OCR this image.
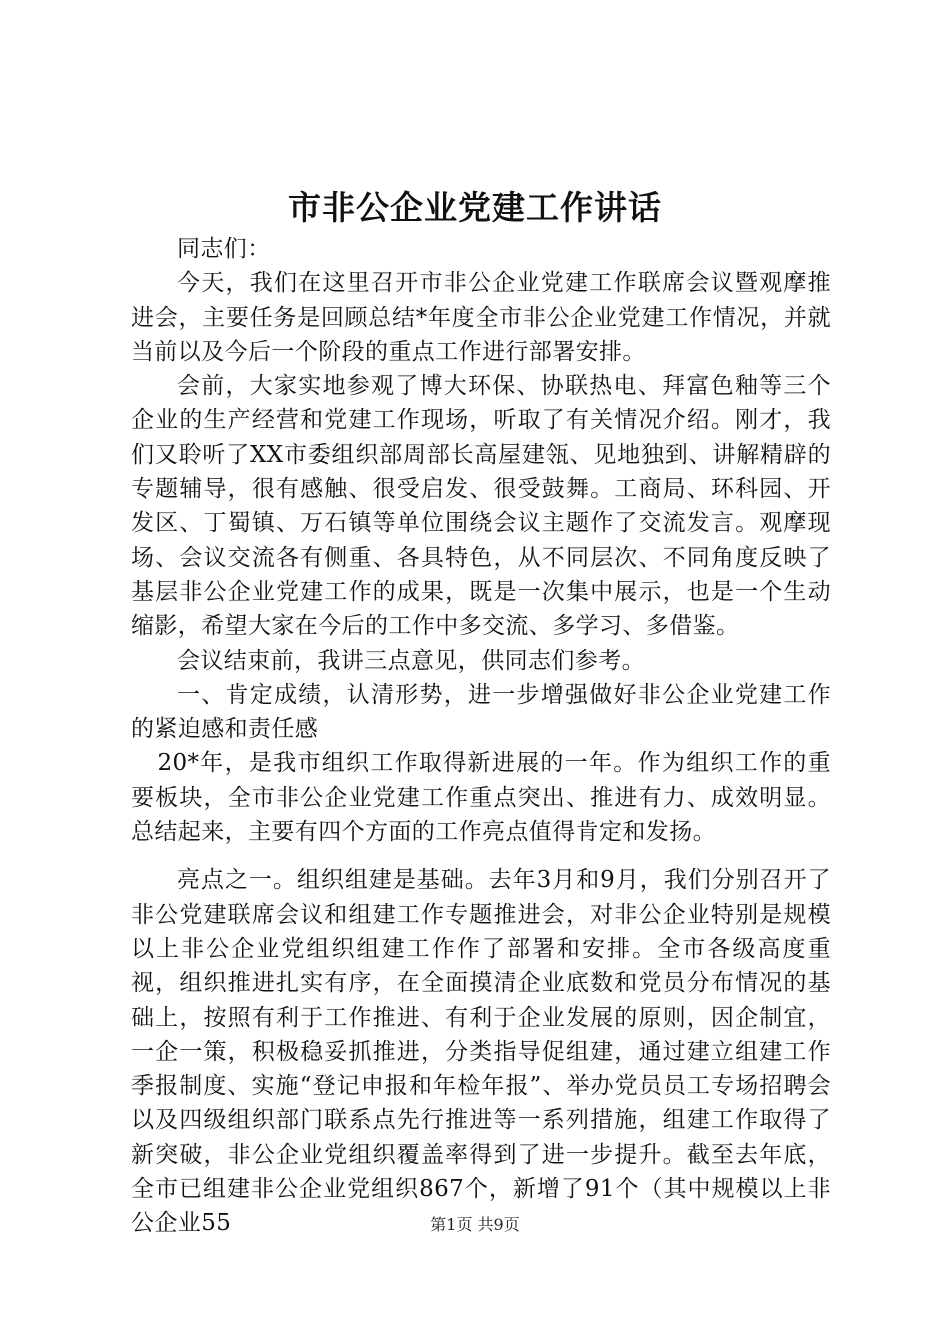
市非公企业党建工作讲话

同志们：

今天，我们在这里召开市非公企业党建工作联席会议暨观摩推进会，主要任务是回顾总结*年度全市非公企业党建工作情况，并就当前以及今后一个阶段的重点工作进行部署安排。

会前，大家实地参观了博大环保、协联热电、拜富色釉等三个企业的生产经营和党建工作现场，听取了有关情况介绍。刚才，我们又聆听了XX市委组织部周部长高屋建瓴、见地独到、讲解精辟的专题辅导，很有感触、很受启发、很受鼓舞。工商局、环科园、开发区、丁蜀镇、万石镇等单位围绕会议主题作了交流发言。观摩现场、会议交流各有侧重、各具特色，从不同层次、不同角度反映了基层非公企业党建工作的成果，既是一次集中展示，也是一个生动缩影，希望大家在今后的工作中多交流、多学习、多借鉴。

会议结束前，我讲三点意见，供同志们参考。

一、肯定成绩，认清形势，进一步增强做好非公企业党建工作的紧迫感和责任感

20*年，是我市组织工作取得新进展的一年。作为组织工作的重要板块，全市非公企业党建工作重点突出、推进有力、成效明显。总结起来，主要有四个方面的工作亮点值得肯定和发扬。

亮点之一。组织组建是基础。去年3月和9月，我们分别召开了非公党建联席会议和组建工作专题推进会，对非公企业特别是规模以上非公企业党组织组建工作作了部署和安排。全市各级高度重视，组织推进扎实有序，在全面摸清企业底数和党员分布情况的基础上，按照有利于工作推进、有利于企业发展的原则，因企制宜，一企一策，积极稳妥抓推进，分类指导促组建，通过建立组建工作季报制度、实施“登记申报和年检年报”、举办党员员工专场招聘会以及四级组织部门联系点先行推进等一系列措施，组建工作取得了新突破，非公企业党组织覆盖率得到了进一步提升。截至去年底，全市已组建非公企业党组织867个，新增了91个（其中规模以上非公企业55	第1页 共9页
